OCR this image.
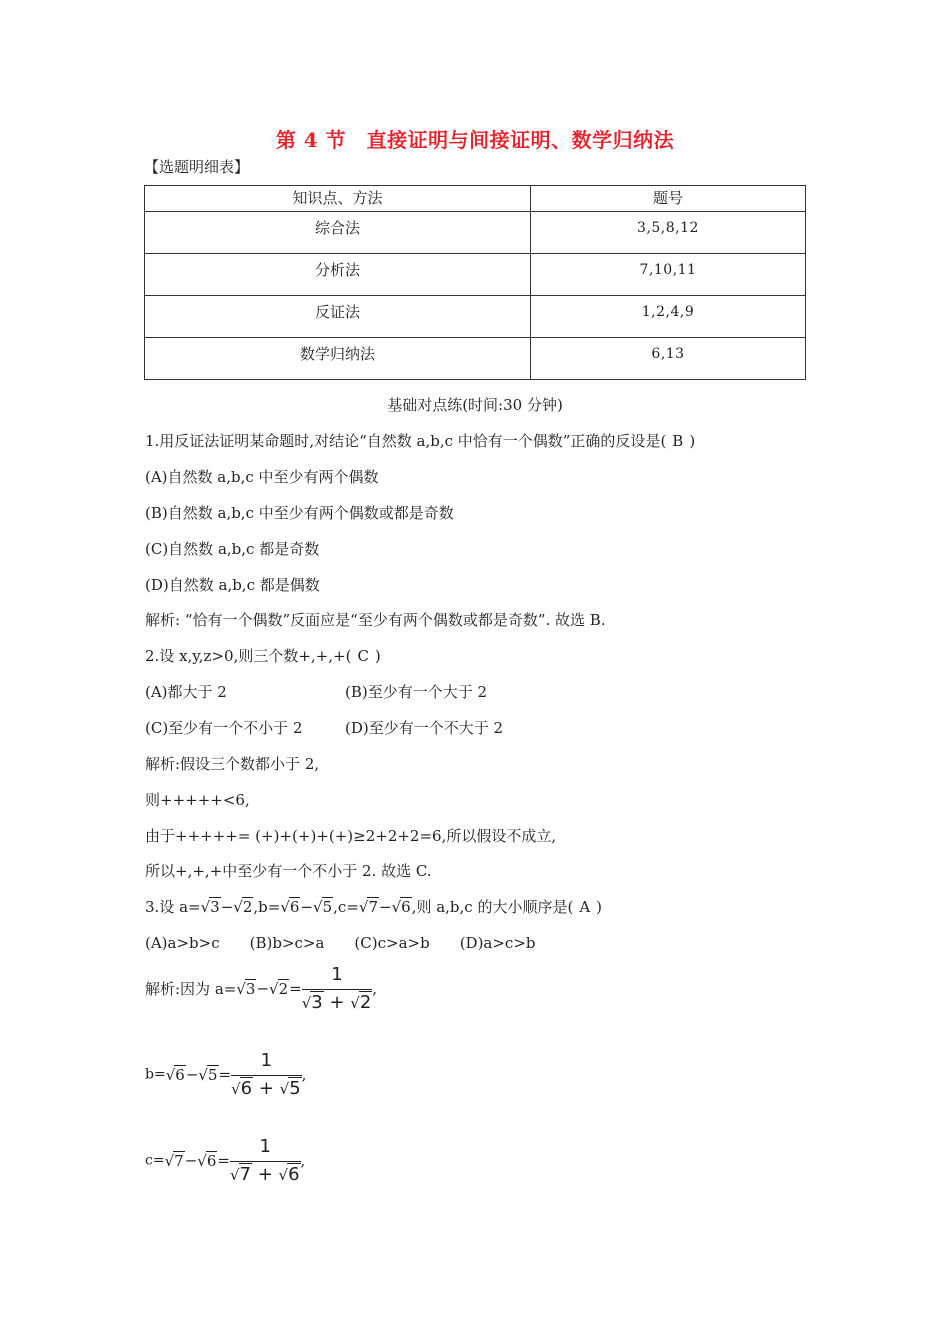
第 4 节　直接证明与间接证明、数学归纳法
【选题明细表】
知识点、方法	题号
综合法	3,5,8,12
分析法	7,10,11
反证法	1,2,4,9
数学归纳法	6,13
基础对点练(时间:30 分钟)
1.用反证法证明某命题时,对结论“自然数 a,b,c 中恰有一个偶数”正确的反设是( B )
(A)自然数 a,b,c 中至少有两个偶数
(B)自然数 a,b,c 中至少有两个偶数或都是奇数
(C)自然数 a,b,c 都是奇数
(D)自然数 a,b,c 都是偶数
解析: “恰有一个偶数”反面应是“至少有两个偶数或都是奇数”. 故选 B.
2.设 x,y,z>0,则三个数+,+,+( C )
(A)都大于 2	(B)至少有一个大于 2
(C)至少有一个不小于 2	(D)至少有一个不大于 2
解析:假设三个数都小于 2,
则+++++<6,
由于+++++= (+)+(+)+(+)≥2+2+2=6,所以假设不成立,
所以+,+,+中至少有一个不小于 2. 故选 C.
3.设 a=√3−√2,b=√6−√5,c=√7−√6,则 a,b,c 的大小顺序是( A )
(A)a>b>c　　(B)b>c>a　　(C)c>a>b　　(D)a>c>b
解析:因为 $a=√3-√2= \frac{1}{√3 + √2}$ ,
$b=√6-√5= \frac{1}{√6 + √5}$ ,
$c=√7-√6= \frac{1}{√7 + √6}$ ,
